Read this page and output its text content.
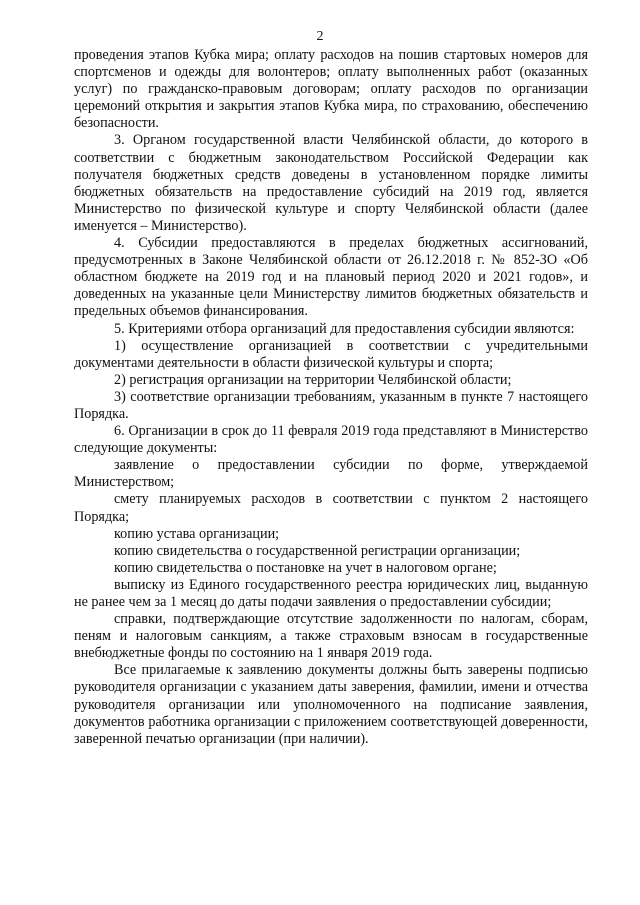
2

проведения этапов Кубка мира; оплату расходов на пошив стартовых номеров для спортсменов и одежды для волонтеров; оплату выполненных работ (оказанных услуг) по гражданско-правовым договорам; оплату расходов по организации церемоний открытия и закрытия этапов Кубка мира, по страхованию, обеспечению безопасности.

3. Органом государственной власти Челябинской области, до которого в соответствии с бюджетным законодательством Российской Федерации как получателя бюджетных средств доведены в установленном порядке лимиты бюджетных обязательств на предоставление субсидий на 2019 год, является Министерство по физической культуре и спорту Челябинской области (далее именуется – Министерство).

4. Субсидии предоставляются в пределах бюджетных ассигнований, предусмотренных в Законе Челябинской области от 26.12.2018 г. № 852-ЗО «Об областном бюджете на 2019 год и на плановый период 2020 и 2021 годов», и доведенных на указанные цели Министерству лимитов бюджетных обязательств и предельных объемов финансирования.

5. Критериями отбора организаций для предоставления субсидии являются:

1) осуществление организацией в соответствии с учредительными документами деятельности в области физической культуры и спорта;

2) регистрация организации на территории Челябинской области;

3) соответствие организации требованиям, указанным в пункте 7 настоящего Порядка.

6. Организации в срок до 11 февраля 2019 года представляют в Министерство следующие документы:

заявление о предоставлении субсидии по форме, утверждаемой Министерством;

смету планируемых расходов в соответствии с пунктом 2 настоящего Порядка;

копию устава организации;

копию свидетельства о государственной регистрации организации;

копию свидетельства о постановке на учет в налоговом органе;

выписку из Единого государственного реестра юридических лиц, выданную не ранее чем за 1 месяц до даты подачи заявления о предоставлении субсидии;

справки, подтверждающие отсутствие задолженности по налогам, сборам, пеням и налоговым санкциям, а также страховым взносам в государственные внебюджетные фонды по состоянию на 1 января 2019 года.

Все прилагаемые к заявлению документы должны быть заверены подписью руководителя организации с указанием даты заверения, фамилии, имени и отчества руководителя организации или уполномоченного на подписание заявления, документов работника организации с приложением соответствующей доверенности, заверенной печатью организации (при наличии).
